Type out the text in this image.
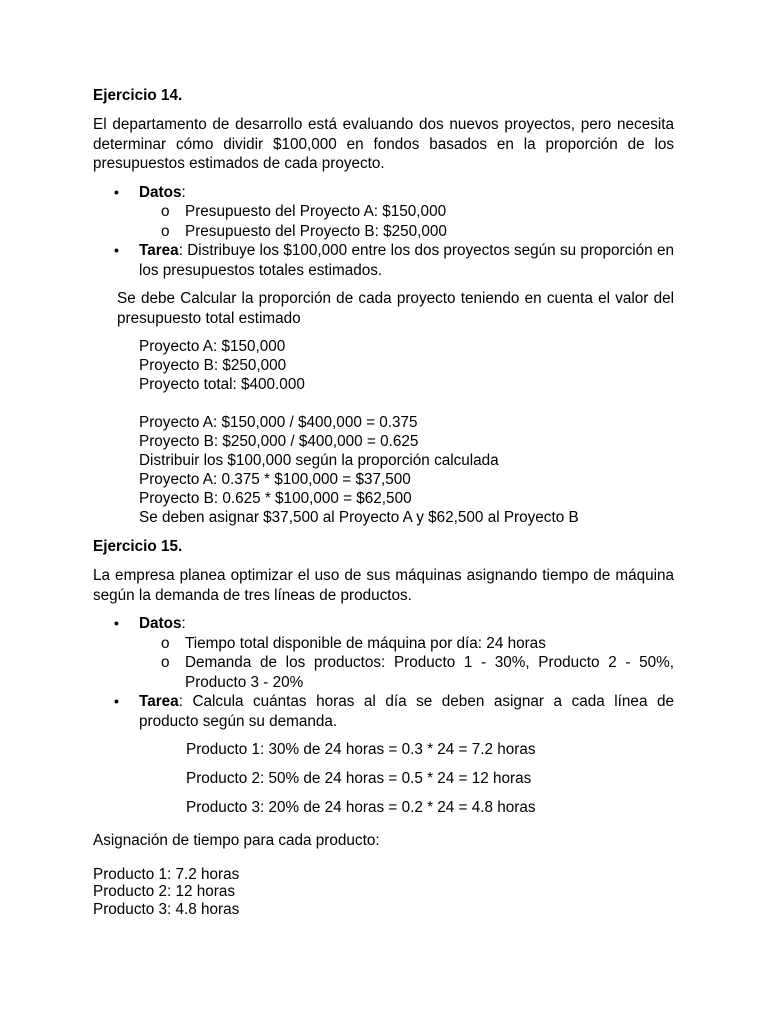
Ejercicio 14.

El departamento de desarrollo está evaluando dos nuevos proyectos, pero necesita determinar cómo dividir $100,000 en fondos basados en la proporción de los presupuestos estimados de cada proyecto.

• Datos:
o Presupuesto del Proyecto A: $150,000
o Presupuesto del Proyecto B: $250,000
• Tarea: Distribuye los $100,000 entre los dos proyectos según su proporción en los presupuestos totales estimados.

Se debe Calcular la proporción de cada proyecto teniendo en cuenta el valor del presupuesto total estimado

Proyecto A: $150,000

Proyecto B: $250,000

Proyecto total: $400.000

Proyecto A: $150,000 / $400,000 = 0.375

Proyecto B: $250,000 / $400,000 = 0.625

Distribuir los $100,000 según la proporción calculada

Proyecto A: 0.375 * $100,000 = $37,500

Proyecto B: 0.625 * $100,000 = $62,500

Se deben asignar $37,500 al Proyecto A y $62,500 al Proyecto B

Ejercicio 15.

La empresa planea optimizar el uso de sus máquinas asignando tiempo de máquina según la demanda de tres líneas de productos.

• Datos:
o Tiempo total disponible de máquina por día: 24 horas
o Demanda de los productos: Producto 1 - 30%, Producto 2 - 50%, Producto 3 - 20%
• Tarea: Calcula cuántas horas al día se deben asignar a cada línea de producto según su demanda.

Producto 1: 30% de 24 horas = 0.3 * 24 = 7.2 horas

Producto 2: 50% de 24 horas = 0.5 * 24 = 12 horas

Producto 3: 20% de 24 horas = 0.2 * 24 = 4.8 horas

Asignación de tiempo para cada producto:

Producto 1: 7.2 horas

Producto 2: 12 horas

Producto 3: 4.8 horas
